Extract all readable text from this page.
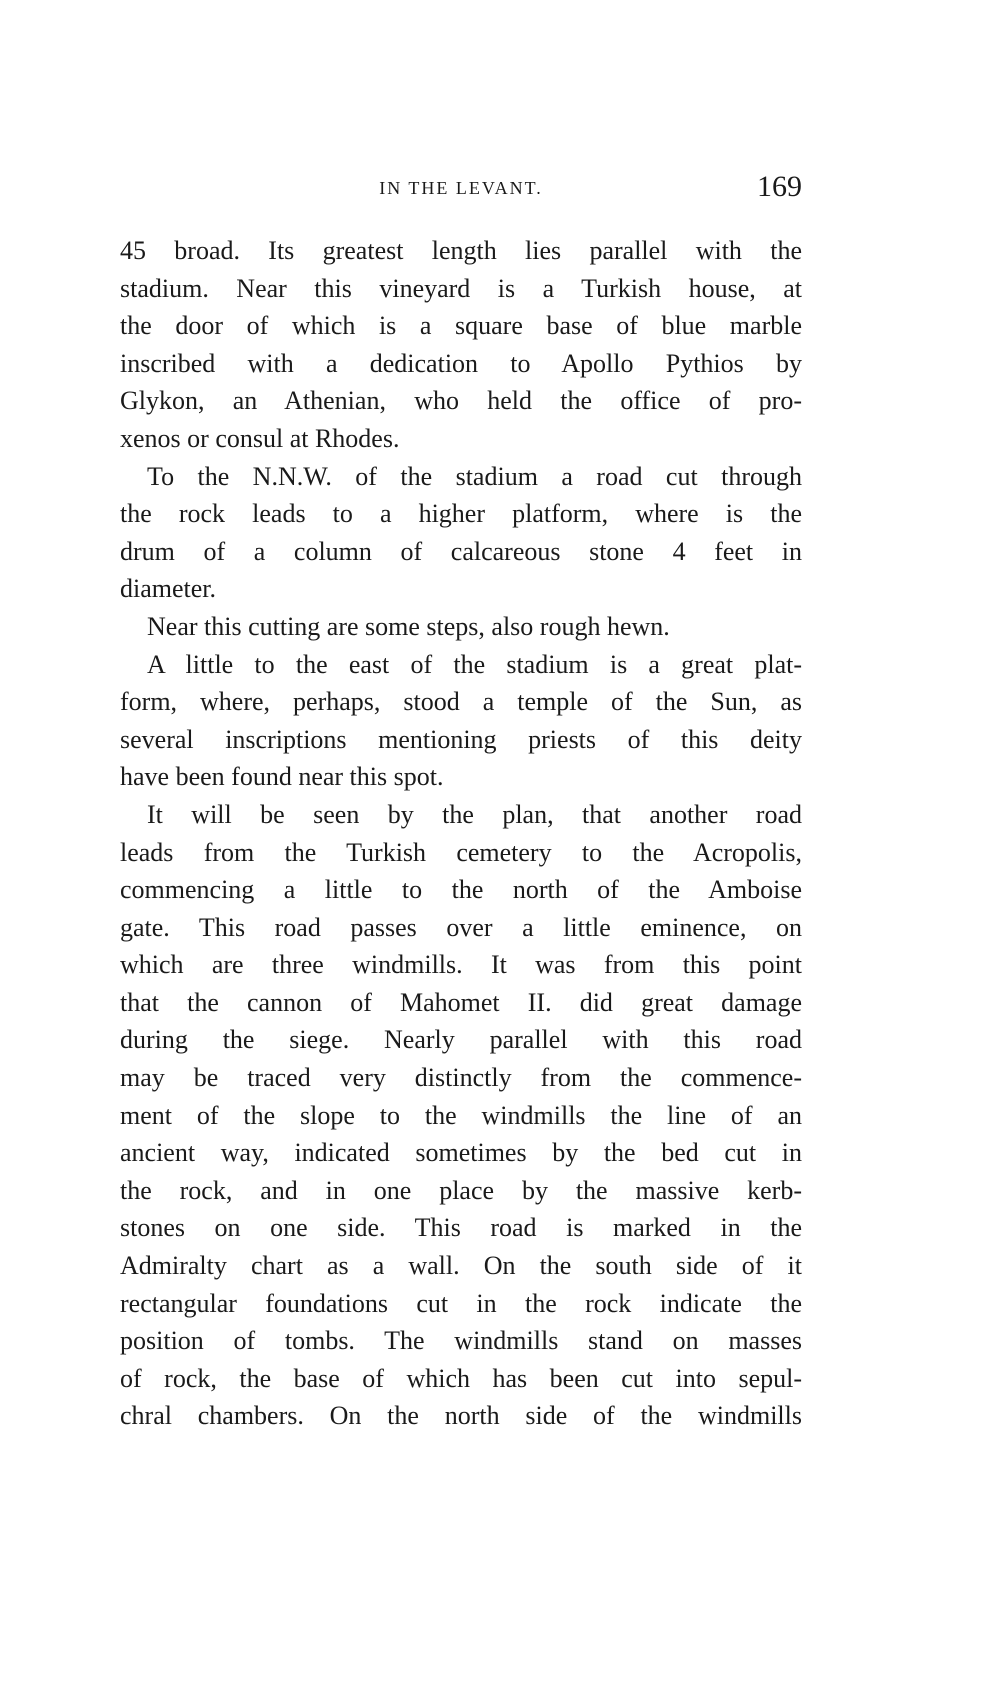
IN THE LEVANT.	169
45 broad. Its greatest length lies parallel with the
stadium. Near this vineyard is a Turkish house, at
the door of which is a square base of blue marble
inscribed with a dedication to Apollo Pythios by
Glykon, an Athenian, who held the office of pro-
xenos or consul at Rhodes.
To the N.N.W. of the stadium a road cut through
the rock leads to a higher platform, where is the
drum of a column of calcareous stone 4 feet in
diameter.
Near this cutting are some steps, also rough hewn.
A little to the east of the stadium is a great plat-
form, where, perhaps, stood a temple of the Sun, as
several inscriptions mentioning priests of this deity
have been found near this spot.
It will be seen by the plan, that another road
leads from the Turkish cemetery to the Acropolis,
commencing a little to the north of the Amboise
gate. This road passes over a little eminence, on
which are three windmills. It was from this point
that the cannon of Mahomet II. did great damage
during the siege. Nearly parallel with this road
may be traced very distinctly from the commence-
ment of the slope to the windmills the line of an
ancient way, indicated sometimes by the bed cut in
the rock, and in one place by the massive kerb-
stones on one side. This road is marked in the
Admiralty chart as a wall. On the south side of it
rectangular foundations cut in the rock indicate the
position of tombs. The windmills stand on masses
of rock, the base of which has been cut into sepul-
chral chambers. On the north side of the windmills
